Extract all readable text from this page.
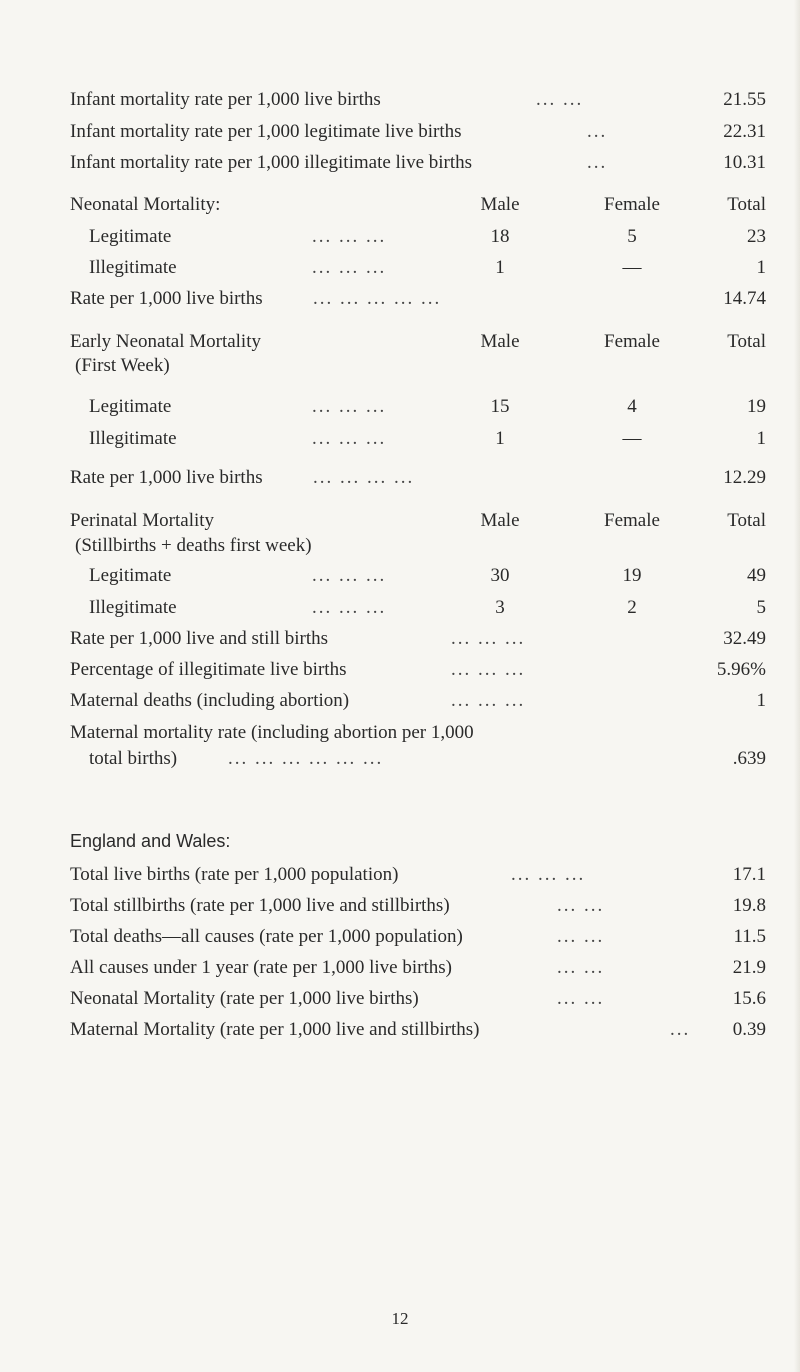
Infant mortality rate per 1,000 live births	... ...	21.55
Infant mortality rate per 1,000 legitimate live births	...	22.31
Infant mortality rate per 1,000 illegitimate live births	...	10.31
Neonatal Mortality:	Male	Female	Total
Legitimate	... ... ...	18	5	23
Illegitimate	... ... ...	1	—	1
Rate per 1,000 live births	... ... ... ... ...	14.74
Early Neonatal Mortality
(First Week)
Male	Female	Total
Legitimate	... ... ...	15	4	19
Illegitimate	... ... ...	1	—	1
Rate per 1,000 live births	... ... ... ...	12.29
Perinatal Mortality
(Stillbirths + deaths first week)
Male	Female	Total
Legitimate	... ... ...	30	19	49
Illegitimate	... ... ...	3	2	5
Rate per 1,000 live and still births	... ... ...	32.49
Percentage of illegitimate live births	... ... ...	5.96%
Maternal deaths (including abortion)	... ... ...	1
Maternal mortality rate (including abortion per 1,000
total births)	... ... ... ... ... ...	.639
England and Wales:
Total live births (rate per 1,000 population)	... ... ...	17.1
Total stillbirths (rate per 1,000 live and stillbirths)	... ...	19.8
Total deaths—all causes (rate per 1,000 population)	... ...	11.5
All causes under 1 year (rate per 1,000 live births)	... ...	21.9
Neonatal Mortality (rate per 1,000 live births)	... ...	15.6
Maternal Mortality (rate per 1,000 live and stillbirths)	...	0.39
12
